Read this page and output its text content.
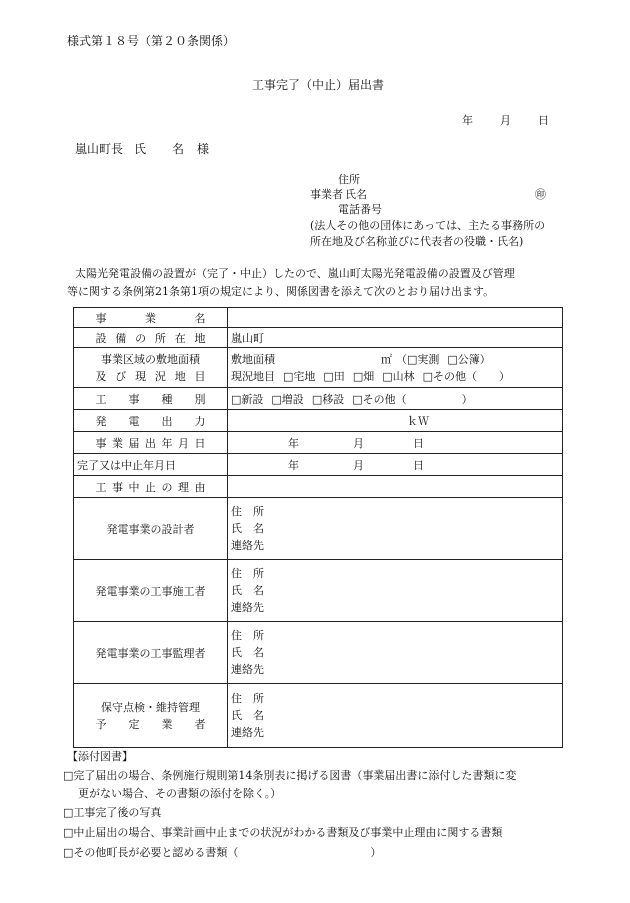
様式第１８号（第２０条関係）
工事完了（中止）届出書
年 月 日
嵐山町長 氏 名 様
住所
事業者 氏名	㊞
電話番号
(法人その他の団体にあっては、主たる事務所の
所在地及び名称並びに代表者の役職・氏名)
太陽光発電設備の設置が（完了・中止）したので、嵐山町太陽光発電設備の設置及び管理
等に関する条例第21条第1項の規定により、関係図書を添えて次のとおり届け出ます。
事　業　名	
設備の所在地	嵐山町

事業区域の敷地面積
及び現況地目	敷地面積 ㎡ （□実測 □公簿）
現況地目 □宅地 □田 □畑 □山林 □その他（　　）

工　事　種　別	□新設 □増設 □移設 □その他（　　　　　）
発　電　出　力	ｋＷ
事業届出年月日	年 月 日
完了又は中止年月日	年 月 日
工事中止の理由	
発電事業の設計者	住　所
氏　名
連絡先

発電事業の工事施工者	住　所
氏　名
連絡先

発電事業の工事監理者	住　所
氏　名
連絡先

保守点検・維持管理
予　定　業　者	住　所
氏　名
連絡先
【添付図書】
□完了届出の場合、条例施行規則第14条別表に掲げる図書（事業届出書に添付した書類に変
更がない場合、その書類の添付を除く。）
□工事完了後の写真
□中止届出の場合、事業計画中止までの状況がわかる書類及び事業中止理由に関する書類
□その他町長が必要と認める書類（　　　　　　　　　　　　）
